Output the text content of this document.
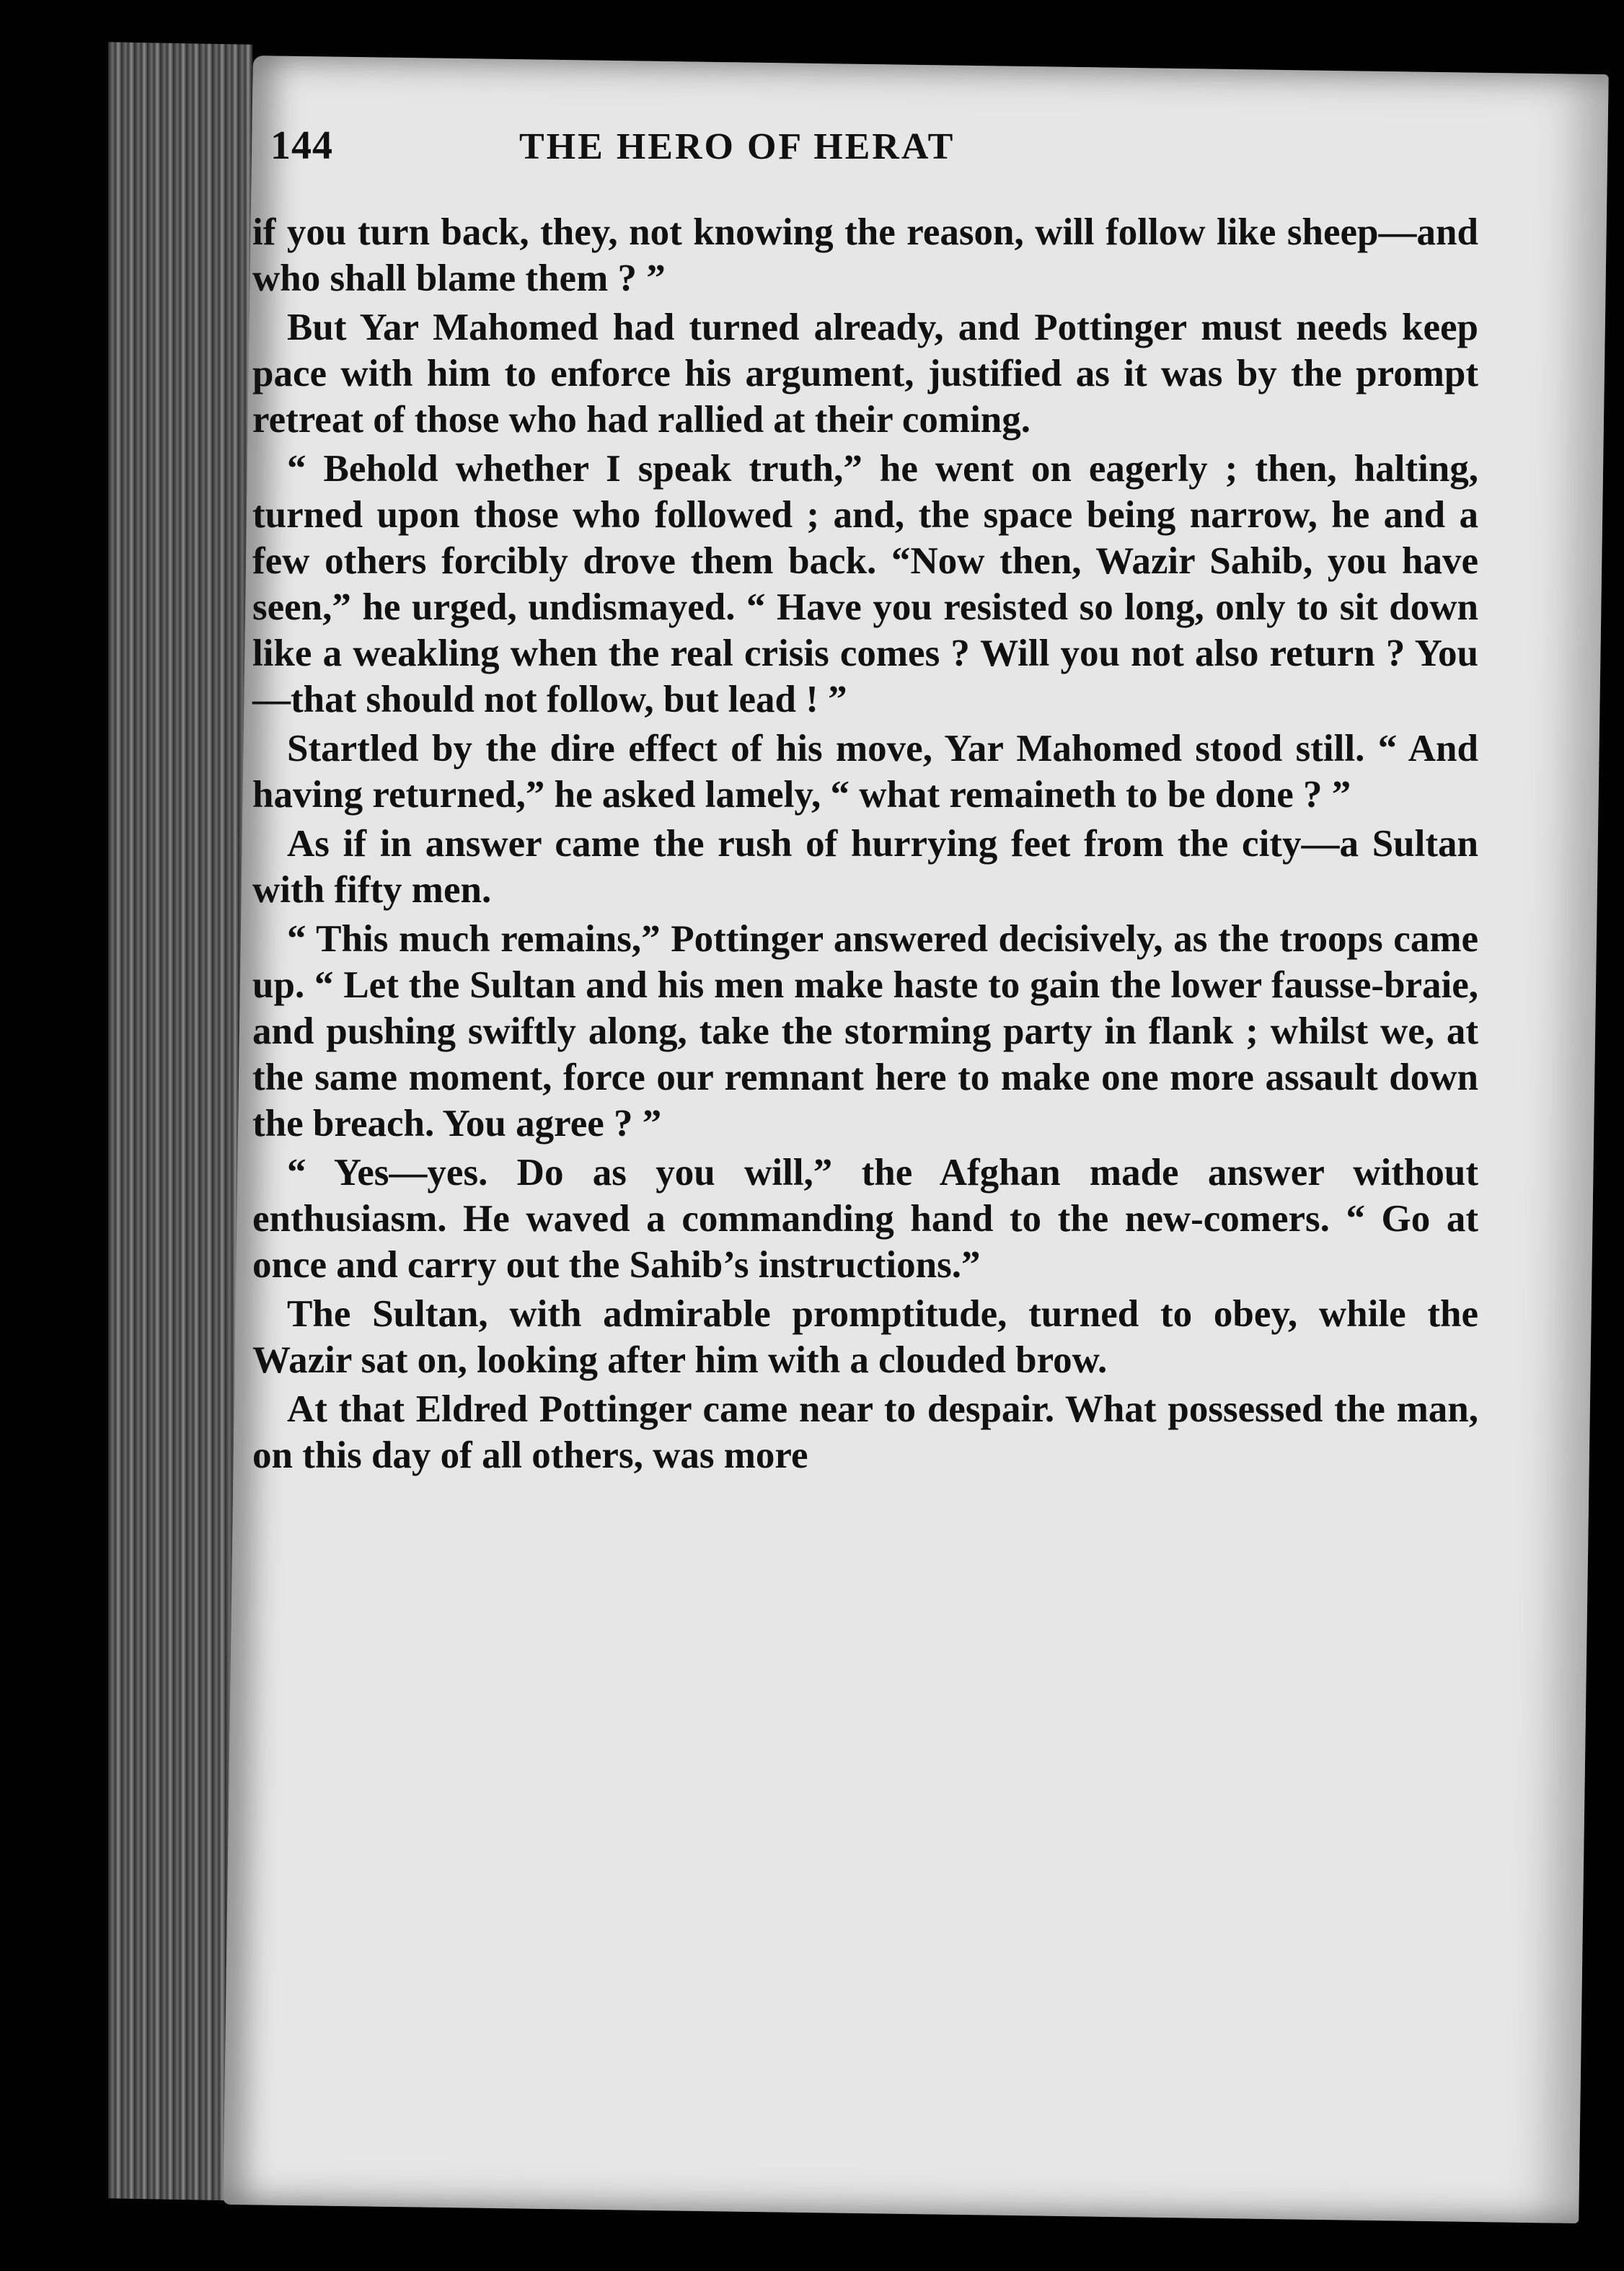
144	THE HERO OF HERAT

if you turn back, they, not knowing the reason, will follow like sheep—and who shall blame them ? ”

But Yar Mahomed had turned already, and Pottinger must needs keep pace with him to enforce his argument, justified as it was by the prompt retreat of those who had rallied at their coming.

“ Behold whether I speak truth,” he went on eagerly ; then, halting, turned upon those who followed ; and, the space being narrow, he and a few others forcibly drove them back. “Now then, Wazir Sahib, you have seen,” he urged, undismayed. “ Have you resisted so long, only to sit down like a weakling when the real crisis comes ? Will you not also return ? You—that should not follow, but lead ! ”

Startled by the dire effect of his move, Yar Mahomed stood still. “ And having returned,” he asked lamely, “ what remaineth to be done ? ”

As if in answer came the rush of hurrying feet from the city—a Sultan with fifty men.

“ This much remains,” Pottinger answered decisively, as the troops came up. “ Let the Sultan and his men make haste to gain the lower fausse-braie, and pushing swiftly along, take the storming party in flank ; whilst we, at the same moment, force our remnant here to make one more assault down the breach. You agree ? ”

“ Yes—yes. Do as you will,” the Afghan made answer without enthusiasm. He waved a commanding hand to the new-comers. “ Go at once and carry out the Sahib’s instructions.”

The Sultan, with admirable promptitude, turned to obey, while the Wazir sat on, looking after him with a clouded brow.

At that Eldred Pottinger came near to despair. What possessed the man, on this day of all others, was more
